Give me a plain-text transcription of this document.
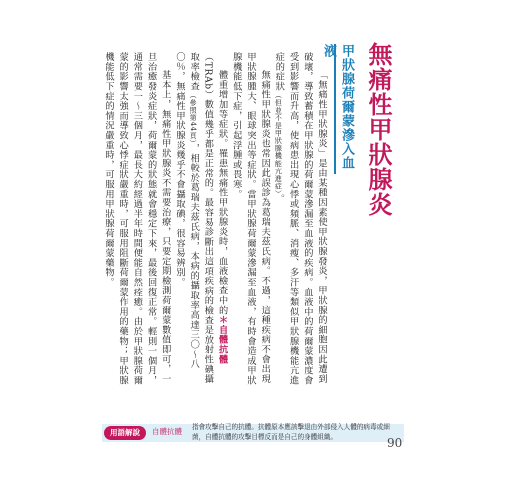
無痛性甲狀腺炎
甲狀腺荷爾蒙滲入血液

「無痛性甲狀腺炎」是由某種因素使甲狀腺發炎，甲狀腺的細胞因此遭到破壞，導致蓄積在甲狀腺的荷爾蒙滲漏至血液的疾病。血液中的荷爾蒙濃度會受到影響而升高，使病患出現心悸或頻脈、消瘦、多汗等類似甲狀腺機能亢進症的症狀（但並不是甲狀腺機能亢進症）。

無痛性甲狀腺炎也常因此誤診為葛瑞夫茲氏病。不過，這種疾病不會出現甲狀腺腫大、眼球突出等症狀。當甲狀腺荷爾蒙滲漏至血液，有時會造成甲狀腺機能低下症，引起浮腫或畏寒。

體重增加等症狀。罹患無痛性甲狀腺炎時，血液檢查中的＊自體抗體（TRAb）數值幾乎都是正常的。最容易診斷出這項疾病的檢查是放射性碘攝取率檢查（參照第44頁），相較於葛瑞夫茲氏病，本病的攝取率高達三〇～八〇％，無痛性甲狀腺炎幾乎不會攝取碘，很容易辨別。

基本上，無痛性甲狀腺炎不需要治療，只要定期檢測荷爾蒙數值即可，一旦治癒發炎症狀，荷爾蒙的狀態就會穩定下來，最後回復正常。輕則一個月，通常需要一～三個月，最長大約經過半年時間便能自然痊癒。由於甲狀腺荷爾蒙的影響太強而導致心悸症狀嚴重時，可服用阻斷荷爾蒙作用的藥物；甲狀腺機能低下症的情況嚴重時，可服用甲狀腺荷爾蒙藥物。

用語解說	自體抗體 指會攻擊自己的抗體。抗體原本應該擊退由外部侵入人體的病毒或細菌，自體抗體的攻擊目標反而是自己的身體組織。	90
